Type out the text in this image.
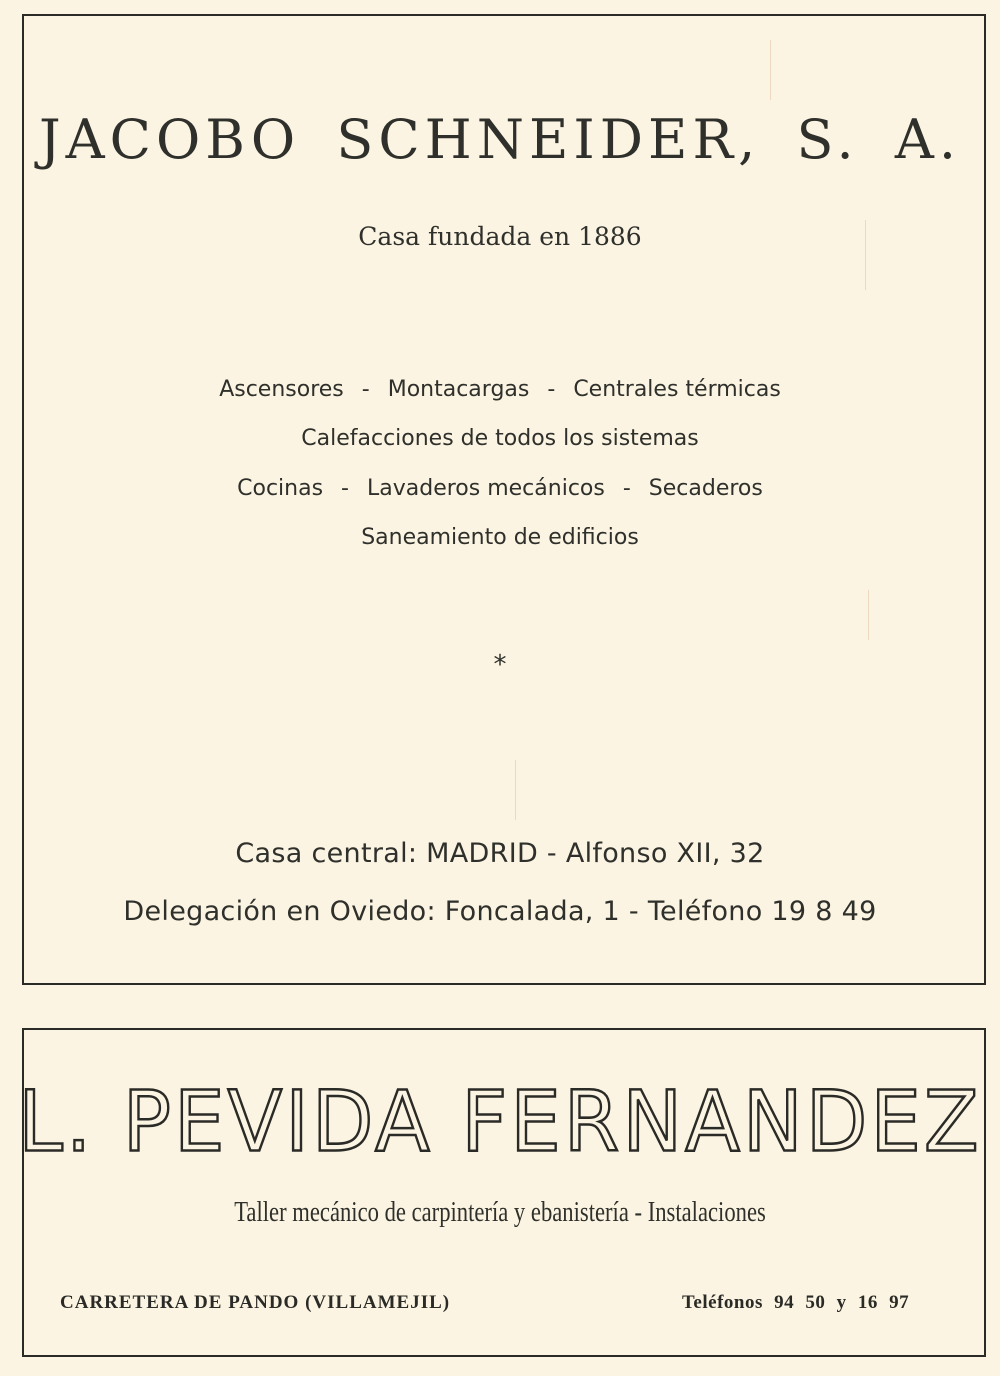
JACOBO SCHNEIDER, S. A.
Casa fundada en 1886
Ascensores - Montacargas - Centrales térmicas
Calefacciones de todos los sistemas
Cocinas - Lavaderos mecánicos - Secaderos
Saneamiento de edificios
*
Casa central: MADRID - Alfonso XII, 32
Delegación en Oviedo: Foncalada, 1 - Teléfono 19 8 49
L. PEVIDA FERNANDEZ
Taller mecánico de carpintería y ebanistería - Instalaciones
CARRETERA DE PANDO (VILLAMEJIL)	Teléfonos 94 50 y 16 97
